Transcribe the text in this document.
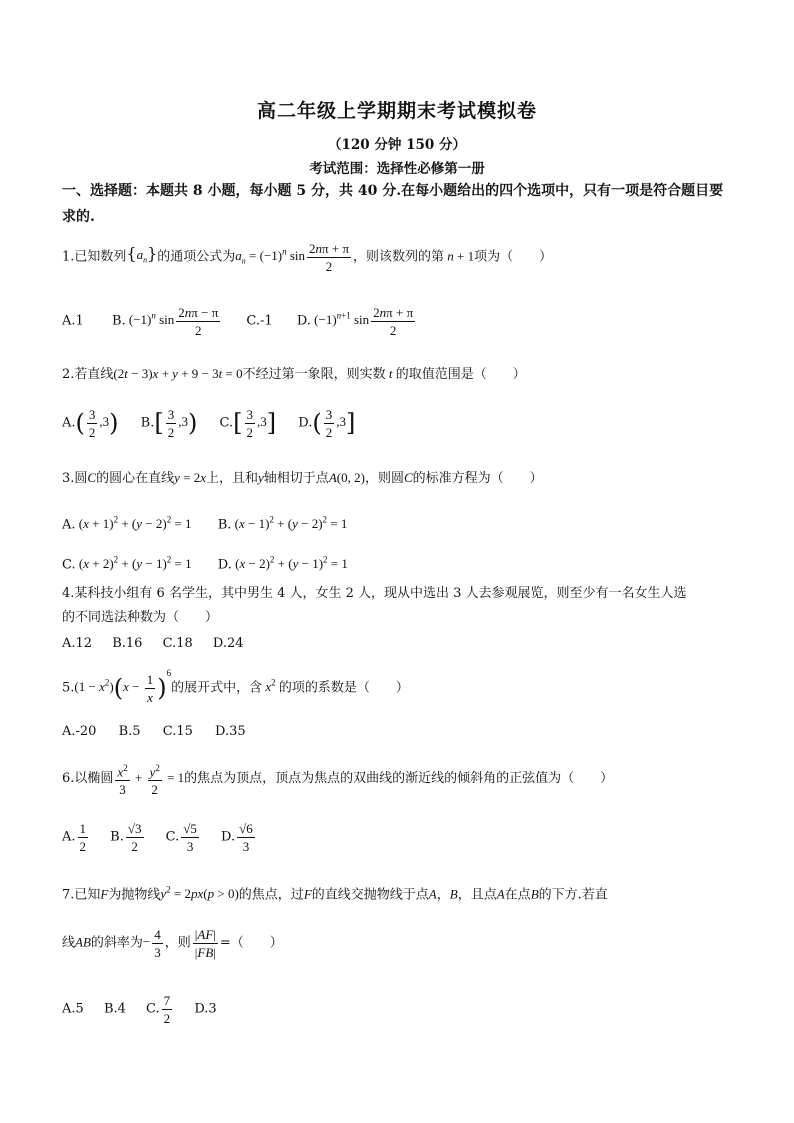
高二年级上学期期末考试模拟卷
（120 分钟 150 分）
考试范围：选择性必修第一册
一、选择题：本题共 8 小题，每小题 5 分，共 40 分.在每小题给出的四个选项中，只有一项是符合题目要求的.
1.已知数列$\{a_n\}$的通项公式为$a_n = (-1)^n$ $\sin \frac{2n\pi + \pi}{2}$ ，则该数列的第 n + 1项为（　　）
A.1 B. $(-1)^n$ $\sin \frac{2n\pi - \pi}{2} C.-1$ D. $(-1)^{n+1}$ $\sin \frac{2n\pi + \pi}{2}$
2.若直线(2t − 3)x + y + 9 − 3t = 0不经过第一象限，则实数 t 的取值范围是（　　）
$A.( \frac{3}{2} ,3)$ $B.[ \frac{3}{2} ,3)$ $C.[ \frac{3}{2} ,3]$ $D.( \frac{3}{2} ,3]$
3.圆C的圆心在直线y = 2x上，且和y轴相切于点A(0, 2)，则圆C的标准方程为（　　）
A. $(x + 1)^2 + (y - 2)^2 = 1$ B. $(x - 1)^2 + (y - 2)^2 = 1$
C. $(x + 2)^2 + (y - 1)^2 = 1$ D. $(x - 2)^2 + (y - 1)^2 = 1$
4.某科技小组有 6 名学生，其中男生 4 人，女生 2 人，现从中选出 3 人去参观展览，则至少有一名女生人选
的不同选法种数为（　　）
A.12 B.16 C.18 D.24
$5.(1 - x^2)(x - \frac{1}{x} )^6$的展开式中，含 $x^2$ 的项的系数是（　　）
A.-20 B.5 C.15 D.35
6.以椭圆 $\frac{x^2}{3} + \frac{y^2}{2} = 1$的焦点为顶点，顶点为焦点的双曲线的渐近线的倾斜角的正弦值为（　　）
A. $\frac{1}{2} B$. $\frac{√3}{2} C$. $\frac{√5}{3} D$. $\frac{√6}{3}$
7.已知F为抛物线$y^2 = 2px(p > 0)$的焦点，过F的直线交抛物线于点A，B，且点A在点B的下方.若直
线AB的斜率为− $\frac{4}{3}$ ，则 $\frac{|AF|}{|FB|}$ =（　　）
A.5 B.4 C. $\frac{7}{2} D.3$
